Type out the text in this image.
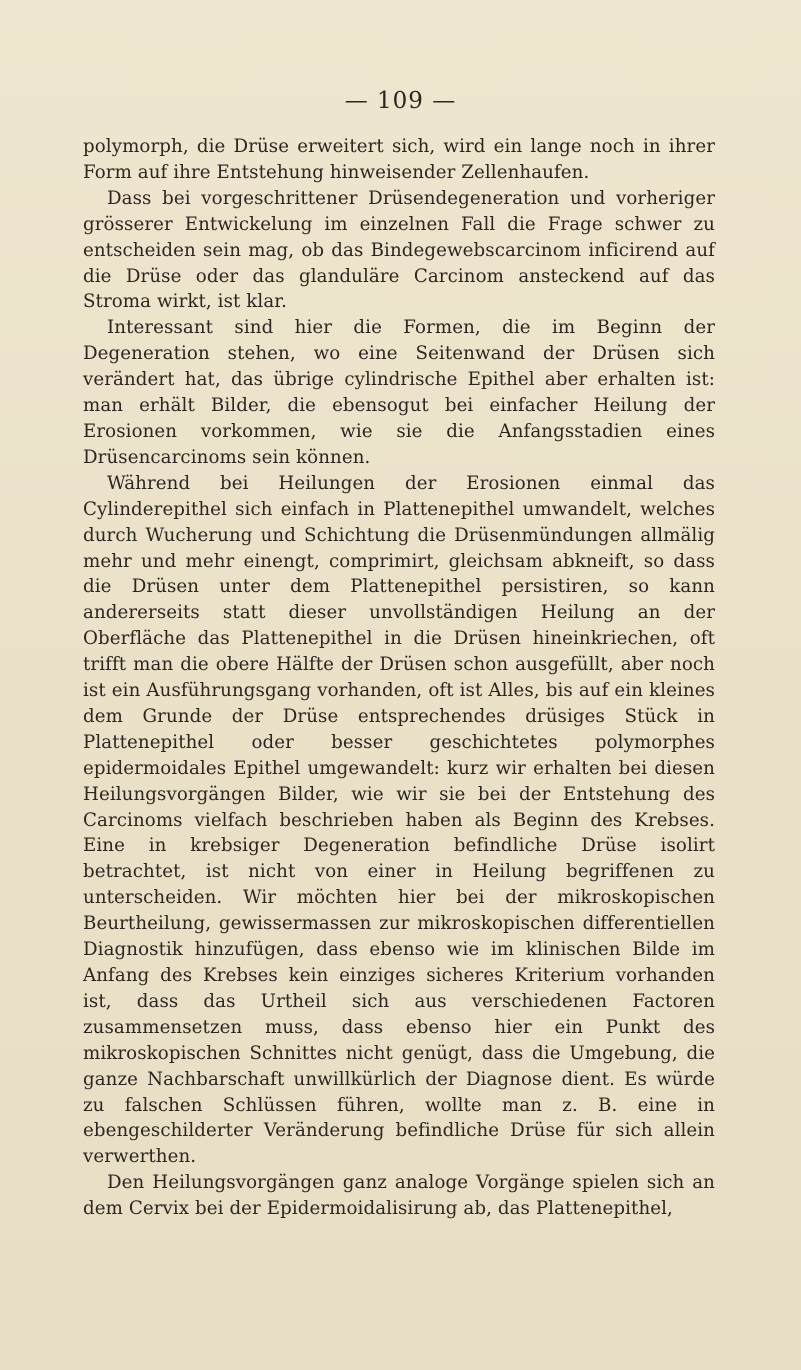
— 109 —

polymorph, die Drüse erweitert sich, wird ein lange noch in ihrer Form auf ihre Entstehung hinweisender Zellenhaufen.

Dass bei vorgeschrittener Drüsendegeneration und vorheriger grösserer Entwickelung im einzelnen Fall die Frage schwer zu entscheiden sein mag, ob das Bindegewebscarcinom inficirend auf die Drüse oder das glanduläre Carcinom ansteckend auf das Stroma wirkt, ist klar.

Interessant sind hier die Formen, die im Beginn der Degeneration stehen, wo eine Seitenwand der Drüsen sich verändert hat, das übrige cylindrische Epithel aber erhalten ist: man erhält Bilder, die ebensogut bei einfacher Heilung der Erosionen vorkommen, wie sie die Anfangsstadien eines Drüsencarcinoms sein können.

Während bei Heilungen der Erosionen einmal das Cylinderepithel sich einfach in Plattenepithel umwandelt, welches durch Wucherung und Schichtung die Drüsenmündungen allmälig mehr und mehr einengt, comprimirt, gleichsam abkneift, so dass die Drüsen unter dem Plattenepithel persistiren, so kann andererseits statt dieser unvollständigen Heilung an der Oberfläche das Plattenepithel in die Drüsen hineinkriechen, oft trifft man die obere Hälfte der Drüsen schon ausgefüllt, aber noch ist ein Ausführungsgang vorhanden, oft ist Alles, bis auf ein kleines dem Grunde der Drüse entsprechendes drüsiges Stück in Plattenepithel oder besser geschichtetes polymorphes epidermoidales Epithel umgewandelt: kurz wir erhalten bei diesen Heilungsvorgängen Bilder, wie wir sie bei der Entstehung des Carcinoms vielfach beschrieben haben als Beginn des Krebses. Eine in krebsiger Degeneration befindliche Drüse isolirt betrachtet, ist nicht von einer in Heilung begriffenen zu unterscheiden. Wir möchten hier bei der mikroskopischen Beurtheilung, gewissermassen zur mikroskopischen differentiellen Diagnostik hinzufügen, dass ebenso wie im klinischen Bilde im Anfang des Krebses kein einziges sicheres Kriterium vorhanden ist, dass das Urtheil sich aus verschiedenen Factoren zusammensetzen muss, dass ebenso hier ein Punkt des mikroskopischen Schnittes nicht genügt, dass die Umgebung, die ganze Nachbarschaft unwillkürlich der Diagnose dient. Es würde zu falschen Schlüssen führen, wollte man z. B. eine in ebengeschilderter Veränderung befindliche Drüse für sich allein verwerthen.

Den Heilungsvorgängen ganz analoge Vorgänge spielen sich an dem Cervix bei der Epidermoidalisirung ab, das Plattenepithel,
